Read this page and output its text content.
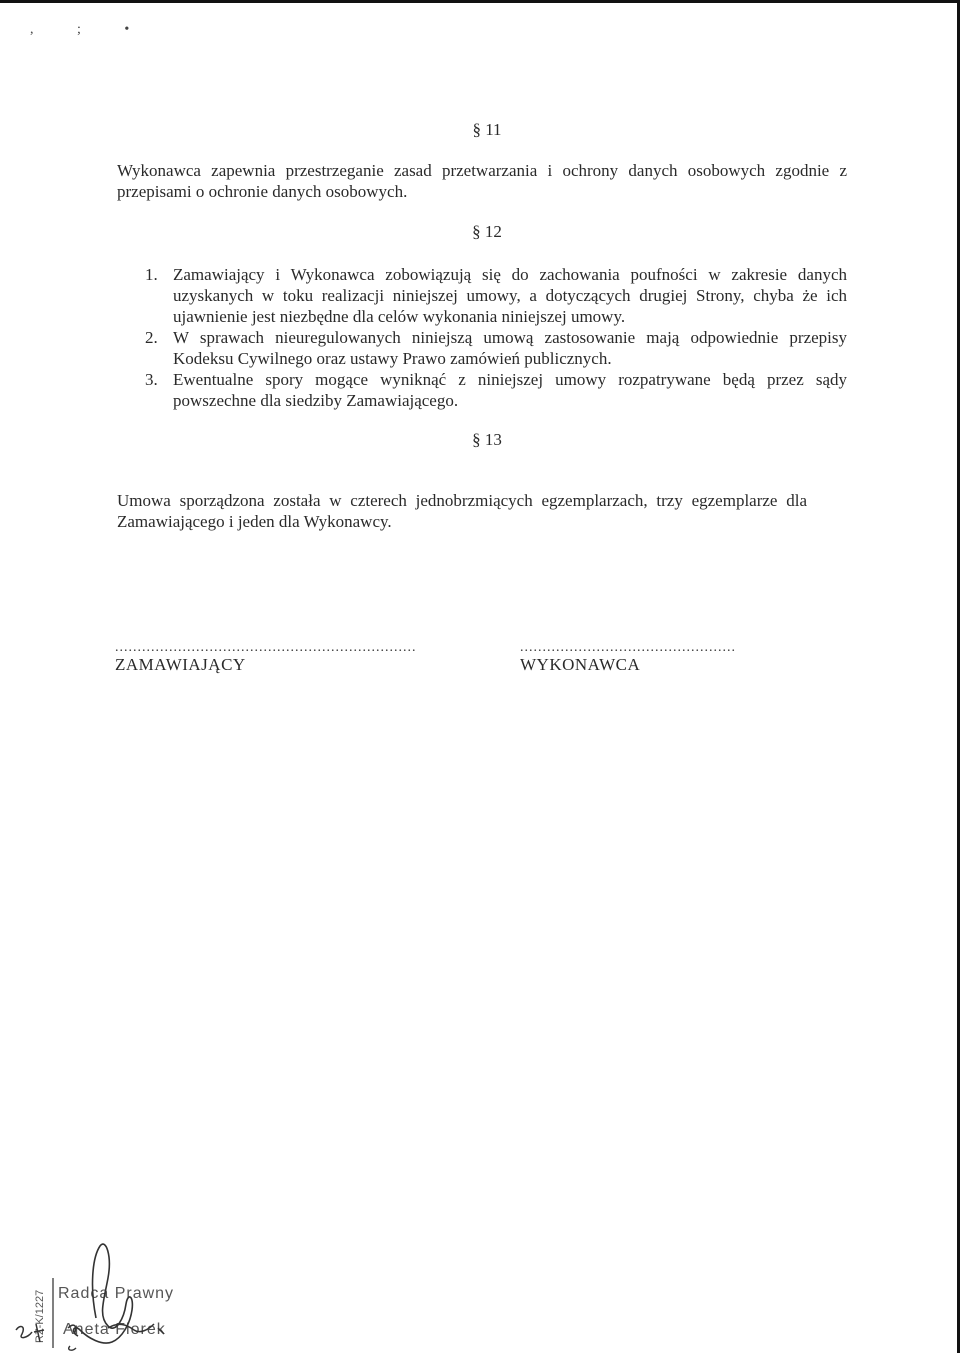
, ; •
§ 11
Wykonawca zapewnia przestrzeganie zasad przetwarzania i ochrony danych osobowych zgodnie z przepisami o ochronie danych osobowych.
§ 12
1. Zamawiający i Wykonawca zobowiązują się do zachowania poufności w zakresie danych uzyskanych w toku realizacji niniejszej umowy, a dotyczących drugiej Strony, chyba że ich ujawnienie jest niezbędne dla celów wykonania niniejszej umowy.
2. W sprawach nieuregulowanych niniejszą umową zastosowanie mają odpowiednie przepisy Kodeksu Cywilnego oraz ustawy Prawo zamówień publicznych.
3. Ewentualne spory mogące wyniknąć z niniejszej umowy rozpatrywane będą przez sądy powszechne dla siedziby Zamawiającego.
§ 13
Umowa sporządzona została w czterech jednobrzmiących egzemplarzach, trzy egzemplarze dla Zamawiającego i jeden dla Wykonawcy.
...................................................................
ZAMAWIAJĄCY
................................................
WYKONAWCA
RZ-K/1227 Radca Prawny
Aneta Florek
